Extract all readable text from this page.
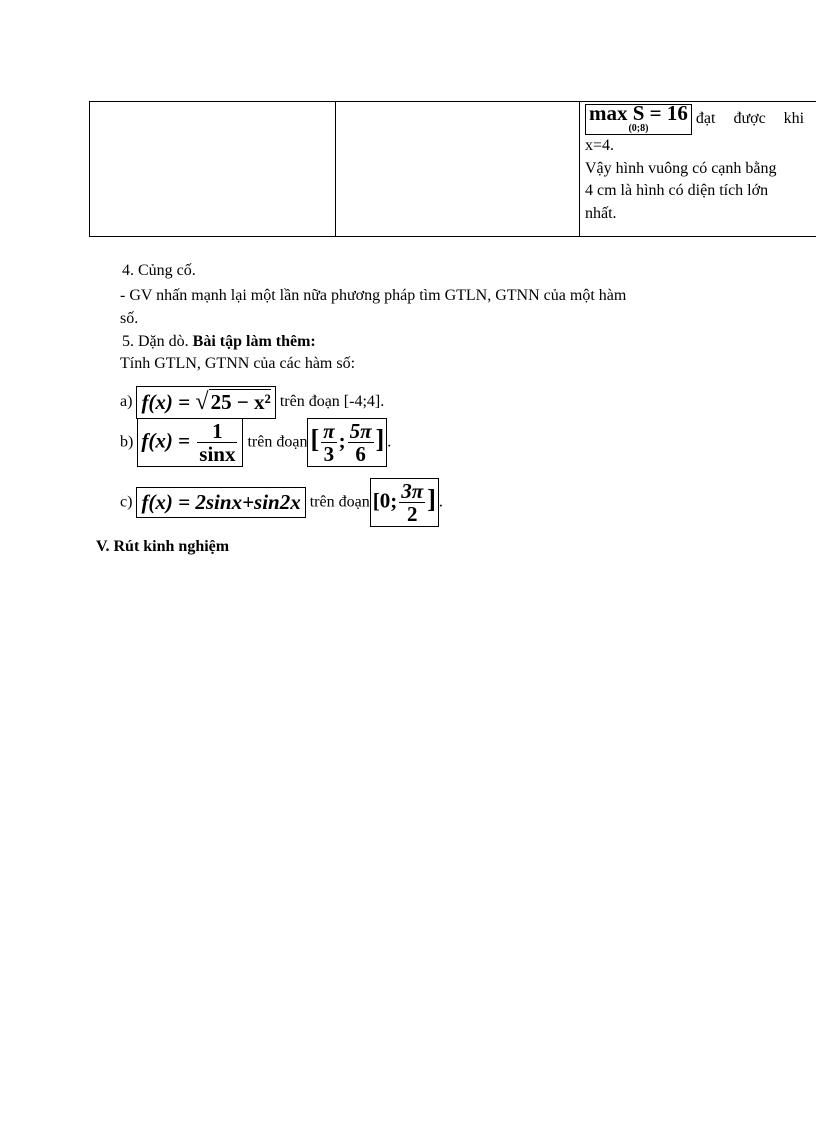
max S = 16
(0;8)
đạt được khi
x=4.
Vậy hình vuông có cạnh bằng
4 cm là hình có diện tích lớn
nhất.
4. Củng cố.
- GV nhấn mạnh lại một lần nữa phương pháp tìm GTLN, GTNN của một hàm
số.
5. Dặn dò. Bài tập làm thêm:
Tính GTLN, GTNN của các hàm số:
a) f(x) = √25 − x² trên đoạn [-4;4].
b) $f(x) = \frac{1}{\sin x}$ trên đoạn [ $\frac{\pi}{3}$ ; $\frac{5\pi}{6}$ ] .
c) f(x) = 2sinx+sin2x trên đoạn [0; $\frac{3\pi}{2}$ ] .
V. Rút kinh nghiệm
